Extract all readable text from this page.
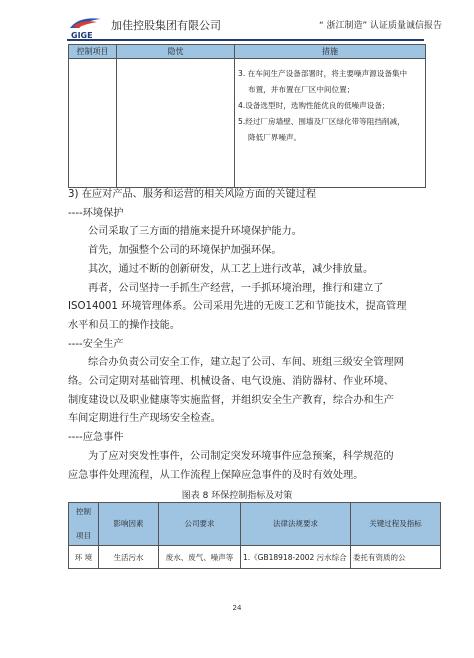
GIGE
加佳控股集团有限公司	“ 浙江制造” 认证质量诚信报告
控制项目	隐忧	措施

		3. 在车间生产设备部署时，将主要噪声源设备集中
布置，并布置在厂区中间位置；
4.设备选型时，选购性能优良的低噪声设备；
5.经过厂房墙壁、围墙及厂区绿化带等阻挡削减，
降低厂界噪声。

3) 在应对产品、服务和运营的相关风险方面的关键过程

----环境保护

公司采取了三方面的措施来提升环境保护能力。

首先，加强整个公司的环境保护加强环保。

其次，通过不断的创新研发，从工艺上进行改革，减少排放量。

再者，公司坚持一手抓生产经营，一手抓环境治理，推行和建立了

ISO14001 环境管理体系。公司采用先进的无废工艺和节能技术，提高管理

水平和员工的操作技能。

----安全生产

综合办负责公司安全工作，建立起了公司、车间、班组三级安全管理网

络。公司定期对基础管理、机械设备、电气设施、消防器材、作业环境、

制度建设以及职业健康等实施监督，并组织安全生产教育，综合办和生产

车间定期进行生产现场安全检查。

----应急事件

为了应对突发性事件，公司制定突发环境事件应急预案，科学规范的

应急事件处理流程，从工作流程上保障应急事件的及时有效处理。

图表 8 环保控制指标及对策
控制
项目	影响因素	公司要求	法律法规要求	关键过程及指标
环 境	生活污水	废水、废气、噪声等	1.《GB18918-2002 污水综合	委托有资质的公
24
